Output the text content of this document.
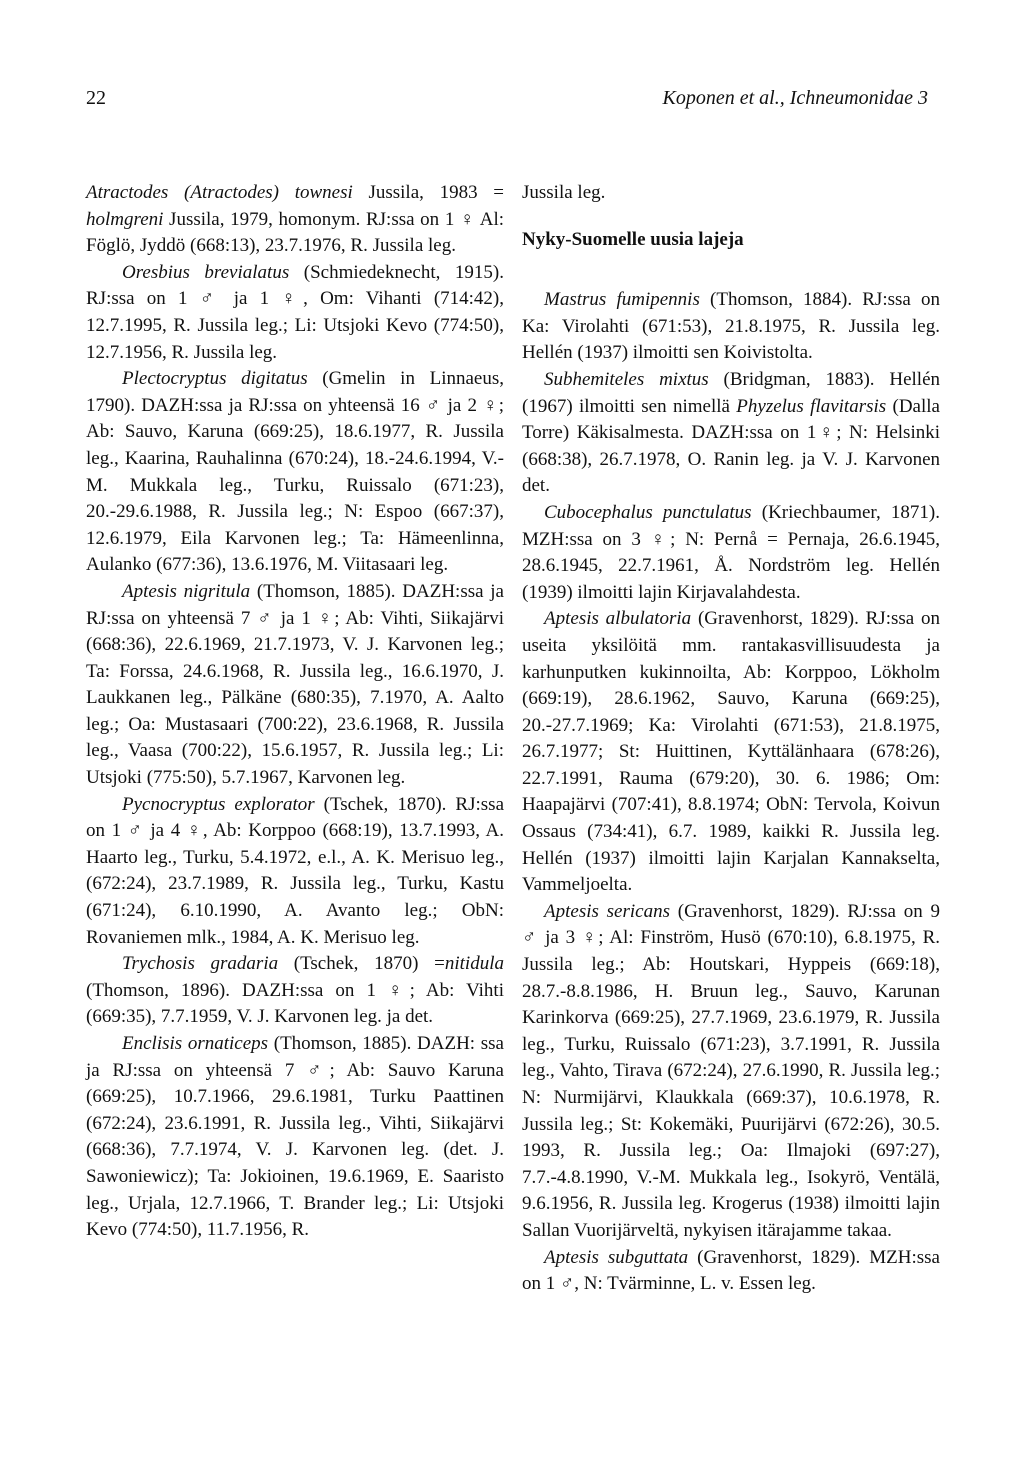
22	Koponen et al., Ichneumonidae 3

Atractodes (Atractodes) townesi Jussila, 1983 = holmgreni Jussila, 1979, homonym. RJ:ssa on 1 ♀ Al: Föglö, Jyddö (668:13), 23.7.1976, R. Jussila leg.

Oresbius brevialatus (Schmiedeknecht, 1915). RJ:ssa on 1 ♂ ja 1 ♀, Om: Vihanti (714:42), 12.7.1995, R. Jussila leg.; Li: Utsjoki Kevo (774:50), 12.7.1956, R. Jussila leg.

Plectocryptus digitatus (Gmelin in Linnaeus, 1790). DAZH:ssa ja RJ:ssa on yhteensä 16 ♂ ja 2 ♀; Ab: Sauvo, Karuna (669:25), 18.6.1977, R. Jussila leg., Kaarina, Rauhalinna (670:24), 18.-24.6.1994, V.-M. Mukkala leg., Turku, Ruissalo (671:23), 20.-29.6.1988, R. Jussila leg.; N: Espoo (667:37), 12.6.1979, Eila Karvonen leg.; Ta: Hämeenlinna, Aulanko (677:36), 13.6.1976, M. Viitasaari leg.

Aptesis nigritula (Thomson, 1885). DAZH:ssa ja RJ:ssa on yhteensä 7 ♂ ja 1 ♀; Ab: Vihti, Siikajärvi (668:36), 22.6.1969, 21.7.1973, V. J. Karvonen leg.; Ta: Forssa, 24.6.1968, R. Jussila leg., 16.6.1970, J. Laukkanen leg., Pälkäne (680:35), 7.1970, A. Aalto leg.; Oa: Mustasaari (700:22), 23.6.1968, R. Jussila leg., Vaasa (700:22), 15.6.1957, R. Jussila leg.; Li: Utsjoki (775:50), 5.7.1967, Karvonen leg.

Pycnocryptus explorator (Tschek, 1870). RJ:ssa on 1 ♂ ja 4 ♀, Ab: Korppoo (668:19), 13.7.1993, A. Haarto leg., Turku, 5.4.1972, e.l., A. K. Merisuo leg., (672:24), 23.7.1989, R. Jussila leg., Turku, Kastu (671:24), 6.10.1990, A. Avanto leg.; ObN: Rovaniemen mlk., 1984, A. K. Merisuo leg.

Trychosis gradaria (Tschek, 1870) =nitidula (Thomson, 1896). DAZH:ssa on 1 ♀; Ab: Vihti (669:35), 7.7.1959, V. J. Karvonen leg. ja det.

Enclisis ornaticeps (Thomson, 1885). DAZH: ssa ja RJ:ssa on yhteensä 7 ♂; Ab: Sauvo Karuna (669:25), 10.7.1966, 29.6.1981, Turku Paattinen (672:24), 23.6.1991, R. Jussila leg., Vihti, Siikajärvi (668:36), 7.7.1974, V. J. Karvonen leg. (det. J. Sawoniewicz); Ta: Jokioinen, 19.6.1969, E. Saaristo leg., Urjala, 12.7.1966, T. Brander leg.; Li: Utsjoki Kevo (774:50), 11.7.1956, R.

Jussila leg.

Nyky-Suomelle uusia lajeja

Mastrus fumipennis (Thomson, 1884). RJ:ssa on Ka: Virolahti (671:53), 21.8.1975, R. Jussila leg. Hellén (1937) ilmoitti sen Koivistolta.

Subhemiteles mixtus (Bridgman, 1883). Hellén (1967) ilmoitti sen nimellä Phyzelus flavitarsis (Dalla Torre) Käkisalmesta. DAZH:ssa on 1♀; N: Helsinki (668:38), 26.7.1978, O. Ranin leg. ja V. J. Karvonen det.

Cubocephalus punctulatus (Kriechbaumer, 1871). MZH:ssa on 3 ♀; N: Pernå = Pernaja, 26.6.1945, 28.6.1945, 22.7.1961, Å. Nordström leg. Hellén (1939) ilmoitti lajin Kirjavalahdesta.

Aptesis albulatoria (Gravenhorst, 1829). RJ:ssa on useita yksilöitä mm. rantakasvillisuudesta ja karhunputken kukinnoilta, Ab: Korppoo, Lökholm (669:19), 28.6.1962, Sauvo, Karuna (669:25), 20.-27.7.1969; Ka: Virolahti (671:53), 21.8.1975, 26.7.1977; St: Huittinen, Kyttälänhaara (678:26), 22.7.1991, Rauma (679:20), 30. 6. 1986; Om: Haapajärvi (707:41), 8.8.1974; ObN: Tervola, Koivun Ossaus (734:41), 6.7. 1989, kaikki R. Jussila leg. Hellén (1937) ilmoitti lajin Karjalan Kannakselta, Vammeljoelta.

Aptesis sericans (Gravenhorst, 1829). RJ:ssa on 9 ♂ ja 3 ♀; Al: Finström, Husö (670:10), 6.8.1975, R. Jussila leg.; Ab: Houtskari, Hyppeis (669:18), 28.7.-8.8.1986, H. Bruun leg., Sauvo, Karunan Karinkorva (669:25), 27.7.1969, 23.6.1979, R. Jussila leg., Turku, Ruissalo (671:23), 3.7.1991, R. Jussila leg., Vahto, Tirava (672:24), 27.6.1990, R. Jussila leg.; N: Nurmijärvi, Klaukkala (669:37), 10.6.1978, R. Jussila leg.; St: Kokemäki, Puurijärvi (672:26), 30.5. 1993, R. Jussila leg.; Oa: Ilmajoki (697:27), 7.7.-4.8.1990, V.-M. Mukkala leg., Isokyrö, Ventälä, 9.6.1956, R. Jussila leg. Krogerus (1938) ilmoitti lajin Sallan Vuorijärveltä, nykyisen itärajamme takaa.

Aptesis subguttata (Gravenhorst, 1829). MZH:ssa on 1 ♂, N: Tvärminne, L. v. Essen leg.
